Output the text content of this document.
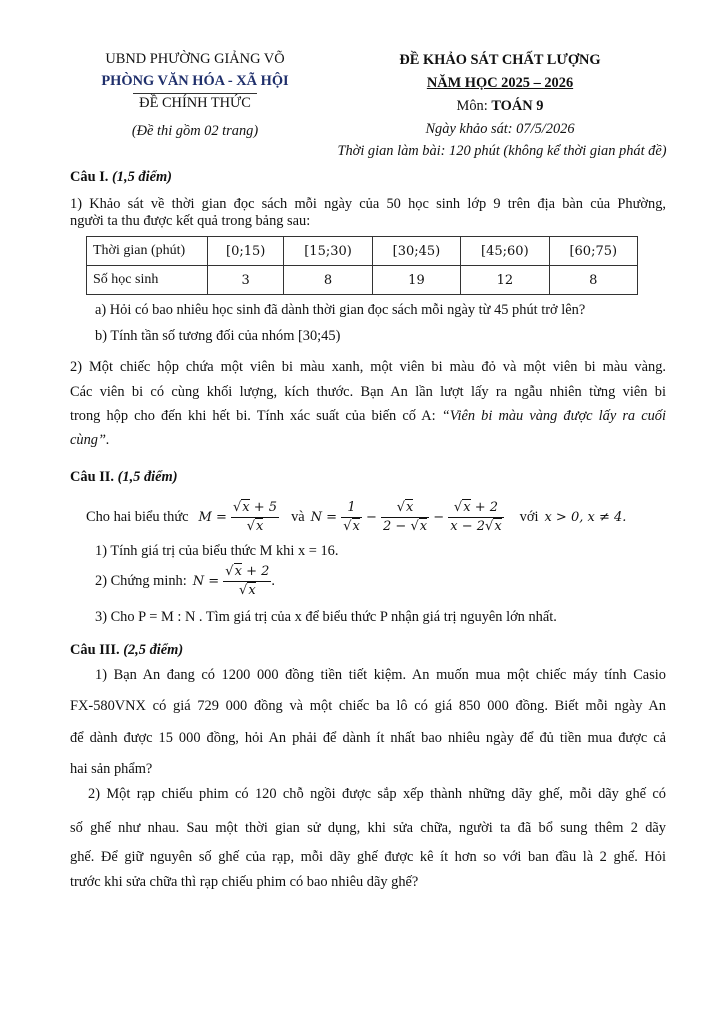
UBND PHƯỜNG GIẢNG VÕ
PHÒNG VĂN HÓA - XÃ HỘI
ĐỀ CHÍNH THỨC
(Đề thi gồm 02 trang)
ĐỀ KHẢO SÁT CHẤT LƯỢNG
NĂM HỌC 2025 – 2026
Môn: TOÁN 9
Ngày khảo sát: 07/5/2026
Thời gian làm bài: 120 phút (không kể thời gian phát đề)
Câu I. (1,5 điểm)
1) Khảo sát về thời gian đọc sách mỗi ngày của 50 học sinh lớp 9 trên địa bàn của Phường,
người ta thu được kết quả trong bảng sau:
Thời gian (phút)	[0;15)	[15;30)	[30;45)	[45;60)	[60;75)
Số học sinh	3	8	19	12	8
a) Hỏi có bao nhiêu học sinh đã dành thời gian đọc sách mỗi ngày từ 45 phút trở lên?
b) Tính tần số tương đối của nhóm [30;45)
2) Một chiếc hộp chứa một viên bi màu xanh, một viên bi màu đỏ và một viên bi màu vàng.
Các viên bi có cùng khối lượng, kích thước. Bạn An lần lượt lấy ra ngẫu nhiên từng viên bi
trong hộp cho đến khi hết bi. Tính xác suất của biến cố A: “Viên bi màu vàng được lấy ra cuối
cùng”.
Câu II. (1,5 điểm)
Cho hai biểu thức $M = \frac{√x + 5}{√x}$ và $N = \frac{1}{√x} - \frac{√x}{2 - √x} - \frac{√x + 2}{x - 2√x}$ với x > 0, x ≠ 4.
1) Tính giá trị của biểu thức M khi x = 16.
2) Chứng minh: $N = \frac{√x + 2}{√x}$ .
3) Cho P = M : N . Tìm giá trị của x để biểu thức P nhận giá trị nguyên lớn nhất.
Câu III. (2,5 điểm)
1) Bạn An đang có 1200 000 đồng tiền tiết kiệm. An muốn mua một chiếc máy tính Casio
FX-580VNX có giá 729 000 đồng và một chiếc ba lô có giá 850 000 đồng. Biết mỗi ngày An
để dành được 15 000 đồng, hỏi An phải để dành ít nhất bao nhiêu ngày để đủ tiền mua được cả
hai sản phẩm?
2) Một rạp chiếu phim có 120 chỗ ngồi được sắp xếp thành những dãy ghế, mỗi dãy ghế có
số ghế như nhau. Sau một thời gian sử dụng, khi sửa chữa, người ta đã bổ sung thêm 2 dãy
ghế. Để giữ nguyên số ghế của rạp, mỗi dãy ghế được kê ít hơn so với ban đầu là 2 ghế. Hỏi
trước khi sửa chữa thì rạp chiếu phim có bao nhiêu dãy ghế?
